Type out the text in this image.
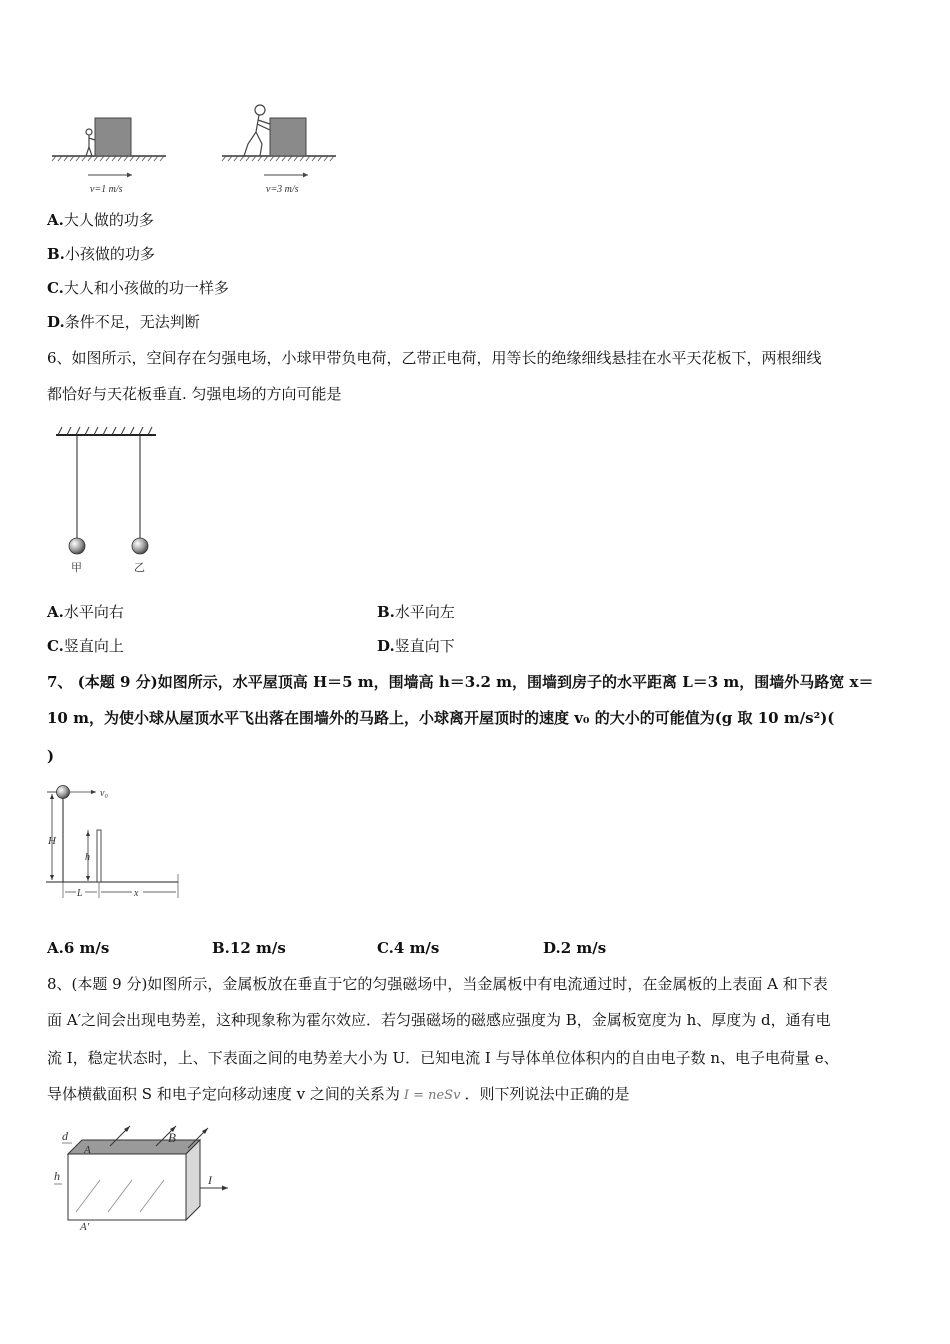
v=1 m/s	v=3 m/s
A.大人做的功多
B.小孩做的功多
C.大人和小孩做的功一样多
D.条件不足，无法判断
6、如图所示，空间存在匀强电场，小球甲带负电荷，乙带正电荷，用等长的绝缘细线悬挂在水平天花板下，两根细线
都恰好与天花板垂直. 匀强电场的方向可能是
甲	乙
A.水平向右	B.水平向左
C.竖直向上	D.竖直向下
7、 (本题 9 分)如图所示，水平屋顶高 H＝5 m，围墙高 h＝3.2 m，围墙到房子的水平距离 L＝3 m，围墙外马路宽 x＝
10 m，为使小球从屋顶水平飞出落在围墙外的马路上，小球离开屋顶时的速度 v₀ 的大小的可能值为(g 取 10 m/s²)(
)
H
v₀
h
L	x
A.6 m/s	B.12 m/s	C.4 m/s	D.2 m/s
8、(本题 9 分)如图所示，金属板放在垂直于它的匀强磁场中，当金属板中有电流通过时，在金属板的上表面 A 和下表
面 A′之间会出现电势差，这种现象称为霍尔效应．若匀强磁场的磁感应强度为 B，金属板宽度为 h、厚度为 d，通有电
流 I，稳定状态时，上、下表面之间的电势差大小为 U．已知电流 I 与导体单位体积内的自由电子数 n、电子电荷量 e、
导体横截面积 S 和电子定向移动速度 v 之间的关系为 I = neSv ．则下列说法中正确的是
B
d
A
h
A′
I
